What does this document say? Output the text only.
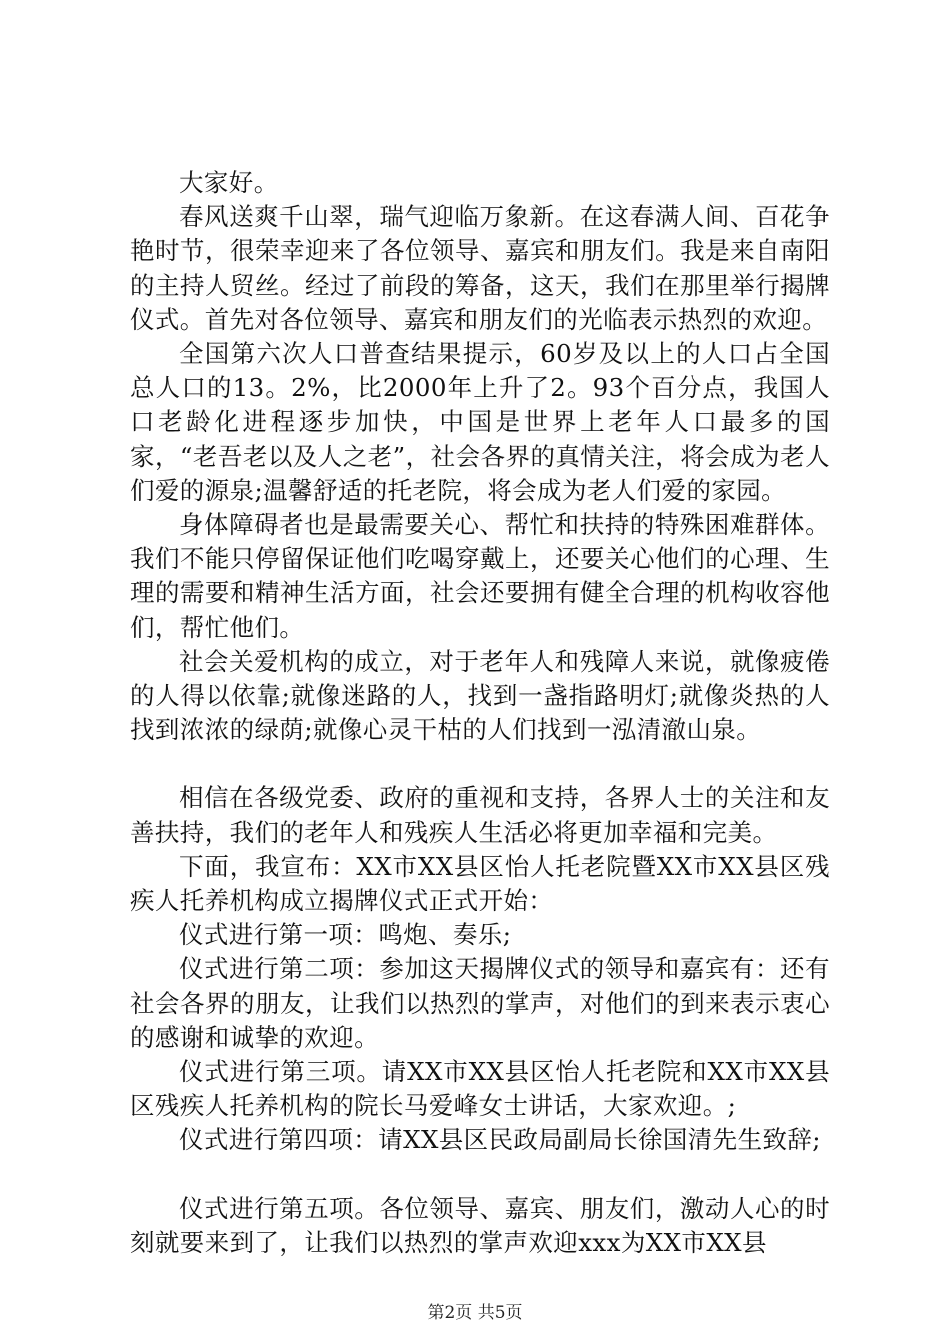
大家好。

春风送爽千山翠，瑞气迎临万象新。在这春满人间、百花争艳时节，很荣幸迎来了各位领导、嘉宾和朋友们。我是来自南阳的主持人贸丝。经过了前段的筹备，这天，我们在那里举行揭牌仪式。首先对各位领导、嘉宾和朋友们的光临表示热烈的欢迎。

全国第六次人口普查结果提示，60岁及以上的人口占全国总人口的13。2%，比2000年上升了2。93个百分点，我国人口老龄化进程逐步加快，中国是世界上老年人口最多的国家，“老吾老以及人之老”，社会各界的真情关注，将会成为老人们爱的源泉;温馨舒适的托老院，将会成为老人们爱的家园。

身体障碍者也是最需要关心、帮忙和扶持的特殊困难群体。我们不能只停留保证他们吃喝穿戴上，还要关心他们的心理、生理的需要和精神生活方面，社会还要拥有健全合理的机构收容他们，帮忙他们。

社会关爱机构的成立，对于老年人和残障人来说，就像疲倦的人得以依靠;就像迷路的人，找到一盏指路明灯;就像炎热的人找到浓浓的绿荫;就像心灵干枯的人们找到一泓清澈山泉。

相信在各级党委、政府的重视和支持，各界人士的关注和友善扶持，我们的老年人和残疾人生活必将更加幸福和完美。

下面，我宣布：XX市XX县区怡人托老院暨XX市XX县区残疾人托养机构成立揭牌仪式正式开始：

仪式进行第一项：鸣炮、奏乐;

仪式进行第二项：参加这天揭牌仪式的领导和嘉宾有：还有社会各界的朋友，让我们以热烈的掌声，对他们的到来表示衷心的感谢和诚挚的欢迎。

仪式进行第三项。请XX市XX县区怡人托老院和XX市XX县区残疾人托养机构的院长马爱峰女士讲话，大家欢迎。;

仪式进行第四项：请XX县区民政局副局长徐国清先生致辞;

仪式进行第五项。各位领导、嘉宾、朋友们，激动人心的时刻就要来到了，让我们以热烈的掌声欢迎xxx为XX市XX县

第2页 共5页
